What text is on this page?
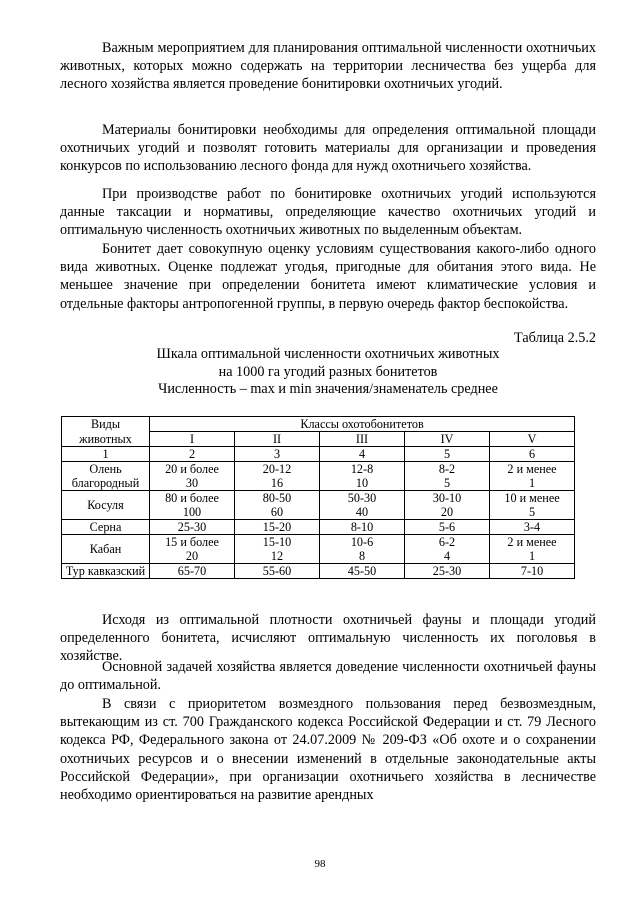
Важным мероприятием для планирования оптимальной численности охотничьих животных, которых можно содержать на территории лесничества без ущерба для лесного хозяйства является проведение бонитировки охотничьих угодий.

Материалы бонитировки необходимы для определения оптимальной площади охотничьих угодий и позволят готовить материалы для организации и проведения конкурсов по использованию лесного фонда для нужд охотничьего хозяйства.

При производстве работ по бонитировке охотничьих угодий используются данные таксации и нормативы, определяющие качество охотничьих угодий и оптимальную численность охотничьих животных по выделенным объектам.

Бонитет дает совокупную оценку условиям существования какого-либо одного вида животных. Оценке подлежат угодья, пригодные для обитания этого вида. Не меньшее значение при определении бонитета имеют климатические условия и отдельные факторы антропогенной группы, в первую очередь фактор беспокойства.

Таблица 2.5.2
Шкала оптимальной численности охотничьих животных
на 1000 га угодий разных бонитетов
Численность – max и min значения/знаменатель среднее
Виды	Классы охотобонитетов				
животных	I	II	III	IV	V
1	2	3	4	5	6
Олень	20 и более	20-12	12-8	8-2	2 и менее
благородный	30	16	10	5	1
Косуля	80 и более	80-50	50-30	30-10	10 и менее
	100	60	40	20	5
Серна	25-30	15-20	8-10	5-6	3-4
Кабан	15 и более	15-10	10-6	6-2	2 и менее
	20	12	8	4	1
Тур кавказский	65-70	55-60	45-50	25-30	7-10

Исходя из оптимальной плотности охотничьей фауны и площади угодий определенного бонитета, исчисляют оптимальную численность их поголовья в хозяйстве.

Основной задачей хозяйства является доведение численности охотничьей фауны до оптимальной.

В связи с приоритетом возмездного пользования перед безвозмездным, вытекающим из ст. 700 Гражданского кодекса Российской Федерации и ст. 79 Лесного кодекса РФ, Федерального закона от 24.07.2009 № 209-ФЗ «Об охоте и о сохранении охотничьих ресурсов и о внесении изменений в отдельные законодательные акты Российской Федерации», при организации охотничьего хозяйства в лесничестве необходимо ориентироваться на развитие арендных

98
